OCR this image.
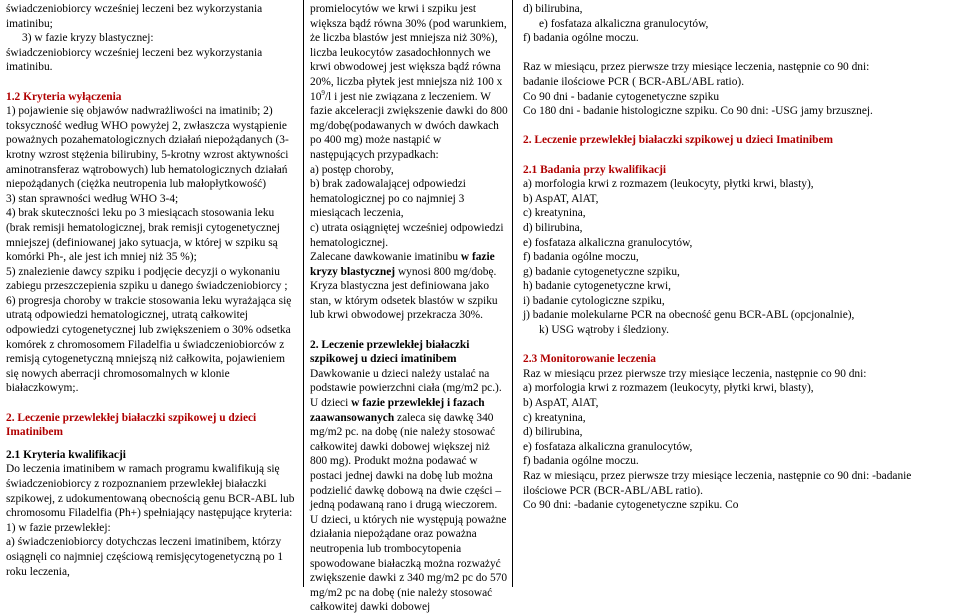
świadczeniobiorcy wcześniej leczeni bez wykorzystania imatinibu;

3) w fazie kryzy blastycznej:

świadczeniobiorcy wcześniej leczeni bez wykorzystania imatinibu.

1.2 Kryteria wyłączenia

1) pojawienie się objawów nadwrażliwości na imatinib; 2) toksyczność według WHO powyżej 2, zwłaszcza wystąpienie poważnych pozahematologicznych działań niepożądanych (3-krotny wzrost stężenia bilirubiny, 5-krotny wzrost aktywności aminotransferaz wątrobowych) lub hematologicznych działań niepożądanych (ciężka neutropenia lub małopłytkowość)

3) stan sprawności według WHO 3-4;

4) brak skuteczności leku po 3 miesiącach stosowania leku (brak remisji hematologicznej, brak remisji cytogenetycznej mniejszej (definiowanej jako sytuacja, w której w szpiku są komórki Ph-, ale jest ich mniej niż 35 %);

5) znalezienie dawcy szpiku i podjęcie decyzji o wykonaniu zabiegu przeszczepienia szpiku u danego świadczeniobiorcy ;

6) progresja choroby w trakcie stosowania leku wyrażająca się utratą odpowiedzi hematologicznej, utratą całkowitej odpowiedzi cytogenetycznej lub zwiększeniem o 30% odsetka komórek z chromosomem Filadelfia u świadczeniobiorców z remisją cytogenetyczną mniejszą niż całkowita, pojawieniem się nowych aberracji chromosomalnych w klonie białaczkowym;.

2. Leczenie przewlekłej białaczki szpikowej u dzieci Imatinibem

2.1 Kryteria kwalifikacji

Do leczenia imatinibem w ramach programu kwalifikują się świadczeniobiorcy z rozpoznaniem przewlekłej białaczki szpikowej, z udokumentowaną obecnością genu BCR-ABL lub chromosomu Filadelfia (Ph+) spełniający następujące kryteria:

1) w fazie przewlekłej:

a) świadczeniobiorcy dotychczas leczeni imatinibem, którzy osiągnęli co najmniej częściową remisjęcytogenetyczną po 1 roku leczenia,

promielocytów we krwi i szpiku jest większa bądź równa 30% (pod warunkiem, że liczba blastów jest mniejsza niż 30%), liczba leukocytów zasadochłonnych we krwi obwodowej jest większa bądź równa 20%, liczba płytek jest mniejsza niż 100 x $10^9/l$ i jest nie związana z leczeniem. W fazie akceleracji zwiększenie dawki do 800 mg/dobę(podawanych w dwóch dawkach po 400 mg) może nastąpić w następujących przypadkach:

a) postęp choroby,

b) brak zadowalającej odpowiedzi hematologicznej po co najmniej 3 miesiącach leczenia,

c) utrata osiągniętej wcześniej odpowiedzi hematologicznej.

Zalecane dawkowanie imatinibu w fazie kryzy blastycznej wynosi 800 mg/dobę. Kryza blastyczna jest definiowana jako stan, w którym odsetek blastów w szpiku lub krwi obwodowej przekracza 30%.

2. Leczenie przewlekłej białaczki szpikowej u dzieci imatinibem

Dawkowanie u dzieci należy ustalać na podstawie powierzchni ciała (mg/m2 pc.). U dzieci w fazie przewlekłej i fazach zaawansowanych zaleca się dawkę 340 mg/m2 pc. na dobę (nie należy stosować całkowitej dawki dobowej większej niż 800 mg). Produkt można podawać w postaci jednej dawki na dobę lub można podzielić dawkę dobową na dwie części – jedną podawaną rano i drugą wieczorem. U dzieci, u których nie występują poważne działania niepożądane oraz poważna neutropenia lub trombocytopenia spowodowane białaczką można rozważyć zwiększenie dawki z 340 mg/m2 pc do 570 mg/m2 pc na dobę (nie należy stosować całkowitej dawki dobowej

d) bilirubina,

e) fosfataza alkaliczna granulocytów,

f) badania ogólne moczu.

Raz w miesiącu, przez pierwsze trzy miesiące leczenia, następnie co 90 dni:

badanie ilościowe PCR ( BCR-ABL/ABL ratio).

Co 90 dni - badanie cytogenetyczne szpiku

Co 180 dni - badanie histologiczne szpiku. Co 90 dni: -USG jamy brzusznej.

2. Leczenie przewlekłej białaczki szpikowej u dzieci Imatinibem

2.1 Badania przy kwalifikacji

a) morfologia krwi z rozmazem (leukocyty, płytki krwi, blasty),

b) AspAT, AlAT,

c) kreatynina,

d) bilirubina,

e) fosfataza alkaliczna granulocytów,

f) badania ogólne moczu,

g) badanie cytogenetyczne szpiku,

h) badanie cytogenetyczne krwi,

i) badanie cytologiczne szpiku,

j) badanie molekularne PCR na obecność genu BCR-ABL (opcjonalnie),

k) USG wątroby i śledziony.

2.3 Monitorowanie leczenia

Raz w miesiącu przez pierwsze trzy miesiące leczenia, następnie co 90 dni:

a) morfologia krwi z rozmazem (leukocyty, płytki krwi, blasty),

b) AspAT, AlAT,

c) kreatynina,

d) bilirubina,

e) fosfataza alkaliczna granulocytów,

f) badania ogólne moczu.

Raz w miesiącu, przez pierwsze trzy miesiące leczenia, następnie co 90 dni: -badanie ilościowe PCR (BCR-ABL/ABL ratio).

Co 90 dni: -badanie cytogenetyczne szpiku. Co
